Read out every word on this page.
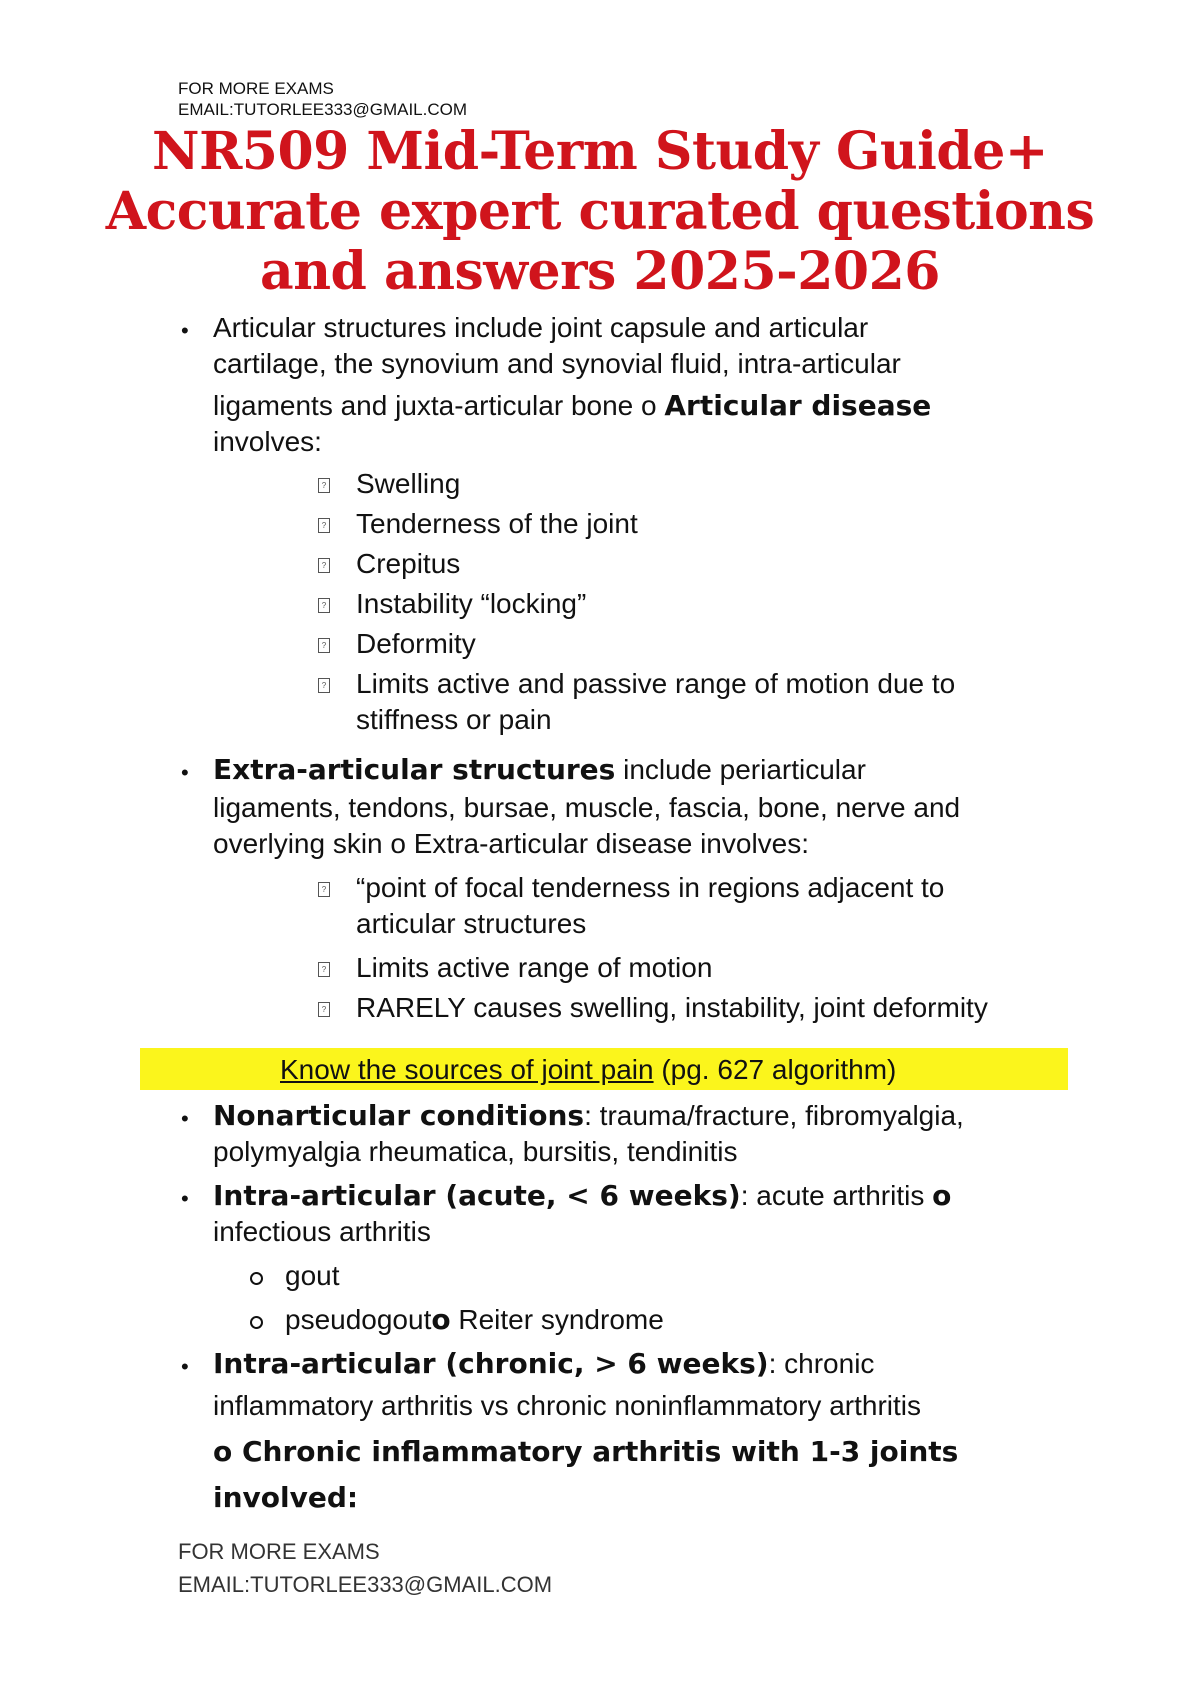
FOR MORE EXAMS
EMAIL:TUTORLEE333@GMAIL.COM
NR509 Mid-Term Study Guide+
Accurate expert curated questions
and answers 2025-2026
• Articular structures include joint capsule and articular
cartilage, the synovium and synovial fluid, intra-articular
ligaments and juxta-articular bone o Articular disease
involves:
? Swelling
? Tenderness of the joint
? Crepitus
? Instability “locking”
? Deformity
? Limits active and passive range of motion due to
stiffness or pain
• Extra-articular structures include periarticular
ligaments, tendons, bursae, muscle, fascia, bone, nerve and
overlying skin o Extra-articular disease involves:
? “point of focal tenderness in regions adjacent to
articular structures
? Limits active range of motion
? RARELY causes swelling, instability, joint deformity
Know the sources of joint pain (pg. 627 algorithm)
• Nonarticular conditions: trauma/fracture, fibromyalgia,
polymyalgia rheumatica, bursitis, tendinitis
• Intra-articular (acute, < 6 weeks): acute arthritis o
infectious arthritis
gout
pseudogouto Reiter syndrome
• Intra-articular (chronic, > 6 weeks): chronic
inflammatory arthritis vs chronic noninflammatory arthritis
o Chronic inflammatory arthritis with 1-3 joints
involved:
FOR MORE EXAMS
EMAIL:TUTORLEE333@GMAIL.COM
